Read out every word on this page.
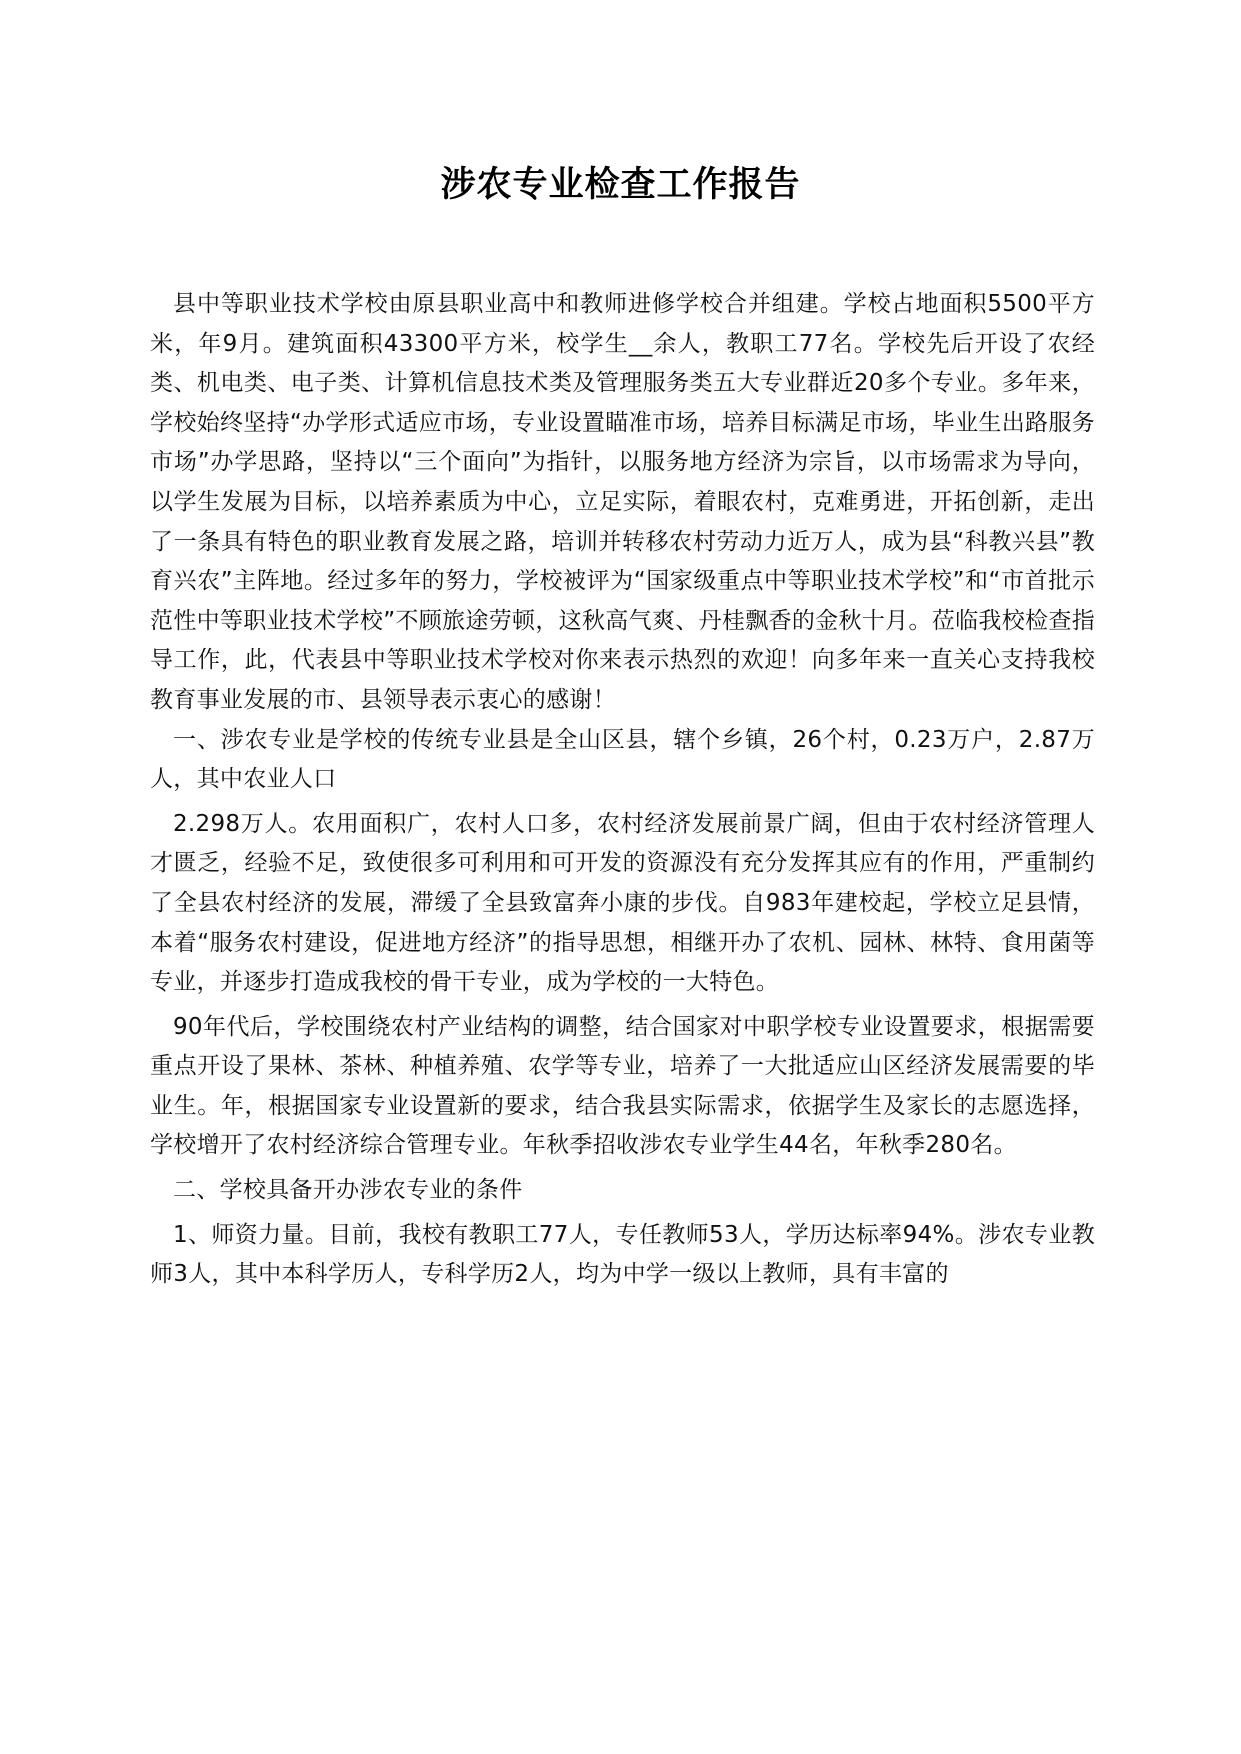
涉农专业检查工作报告

县中等职业技术学校由原县职业高中和教师进修学校合并组建。学校占地面积5500平方米，年9月。建筑面积43300平方米，校学生__余人，教职工77名。学校先后开设了农经类、机电类、电子类、计算机信息技术类及管理服务类五大专业群近20多个专业。多年来，学校始终坚持“办学形式适应市场，专业设置瞄准市场，培养目标满足市场，毕业生出路服务市场”办学思路，坚持以“三个面向”为指针，以服务地方经济为宗旨，以市场需求为导向，以学生发展为目标，以培养素质为中心，立足实际，着眼农村，克难勇进，开拓创新，走出了一条具有特色的职业教育发展之路，培训并转移农村劳动力近万人，成为县“科教兴县”教育兴农”主阵地。经过多年的努力，学校被评为“国家级重点中等职业技术学校”和“市首批示范性中等职业技术学校”不顾旅途劳顿，这秋高气爽、丹桂飘香的金秋十月。莅临我校检查指导工作，此，代表县中等职业技术学校对你来表示热烈的欢迎！向多年来一直关心支持我校教育事业发展的市、县领导表示衷心的感谢！

一、涉农专业是学校的传统专业县是全山区县，辖个乡镇，26个村，0.23万户，2.87万人，其中农业人口

2.298万人。农用面积广，农村人口多，农村经济发展前景广阔，但由于农村经济管理人才匮乏，经验不足，致使很多可利用和可开发的资源没有充分发挥其应有的作用，严重制约了全县农村经济的发展，滞缓了全县致富奔小康的步伐。自983年建校起，学校立足县情，本着“服务农村建设，促进地方经济”的指导思想，相继开办了农机、园林、林特、食用菌等专业，并逐步打造成我校的骨干专业，成为学校的一大特色。

90年代后，学校围绕农村产业结构的调整，结合国家对中职学校专业设置要求，根据需要重点开设了果林、茶林、种植养殖、农学等专业，培养了一大批适应山区经济发展需要的毕业生。年，根据国家专业设置新的要求，结合我县实际需求，依据学生及家长的志愿选择，学校增开了农村经济综合管理专业。年秋季招收涉农专业学生44名，年秋季280名。

二、学校具备开办涉农专业的条件

1、师资力量。目前，我校有教职工77人，专任教师53人，学历达标率94%。涉农专业教师3人，其中本科学历人，专科学历2人，均为中学一级以上教师，具有丰富的
